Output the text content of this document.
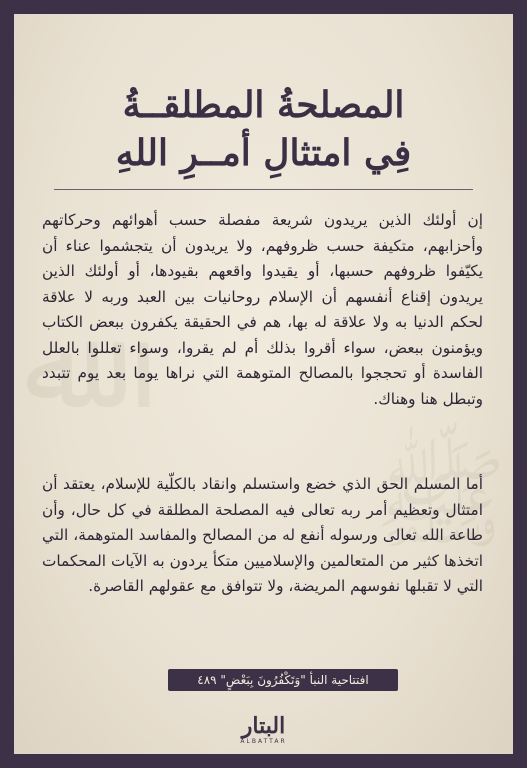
ﷲ
ﷺ
المصلحةُ المطلقــةُ
فِي امتثالِ أمــرِ اللهِ
إن أولئك الذين يريدون شريعة مفصلة حسب أهوائهم وحركاتهم وأحزابهم، متكيفة حسب ظروفهم، ولا يريدون أن يتجشموا عناء أن يكيّفوا ظروفهم حسبها، أو يقيدوا واقعهم بقيودها، أو أولئك الذين يريدون إقناع أنفسهم أن الإسلام روحانيات بين العبد وربه لا علاقة لحكم الدنيا به ولا علاقة له بها، هم في الحقيقة يكفرون ببعض الكتاب ويؤمنون ببعض، سواء أقروا بذلك أم لم يقروا، وسواء تعللوا بالعلل الفاسدة أو تحججوا بالمصالح المتوهمة التي نراها يوما بعد يوم تتبدد وتبطل هنا وهناك.
أما المسلم الحق الذي خضع واستسلم وانقاد بالكلّية للإسلام، يعتقد أن امتثال وتعظيم أمر ربه تعالى فيه المصلحة المطلقة في كل حال، وأن طاعة الله تعالى ورسوله أنفع له من المصالح والمفاسد المتوهمة، التي اتخذها كثير من المتعالمين والإسلاميين متكأ يردون به الآيات المحكمات التي لا تقبلها نفوسهم المريضة، ولا تتوافق مع عقولهم القاصرة.
افتتاحية النبأ "وَتَكْفُرُونَ بِبَعْضٍ" ٤٨٩
البتار
ALBATTAR
